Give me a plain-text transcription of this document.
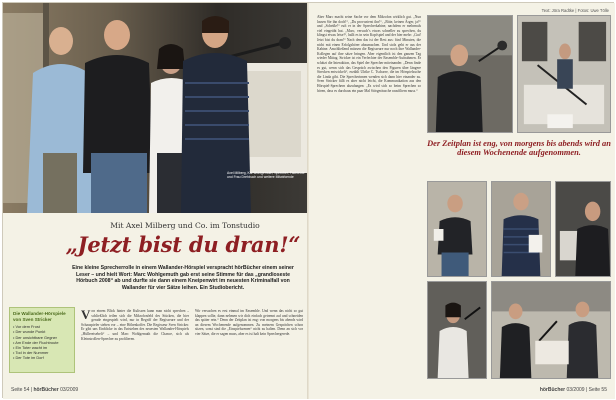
Axel Milberg, Kai Wohlgemuth, Sprecher, Fachleute und Frau Drehbuch und weitere Mitwirkende
Mit Axel Milberg und Co. im Tonstudio
„Jetzt bist du dran!“
Eine kleine Sprecherrolle in einem Wallander-Hörspiel verspracht hörBücher einem seiner Leser – und hielt Wort: Marc Wohlgemuth gab erst seine Stimme für das „grandioseste Hörbuch 2008“ ab und durfte sie dann einem Kneipenwirt im neuesten Kriminalfall von Wallander für vier Sätze leihen. Ein Studiobericht.
Die Wallander-Hörspiele von Sven Stricker
• Vor dem Frost
• Der wunde Punkt
• Der unsichtbare Gegner
• Am Ende der Fluchtroute
• Ein Toter wacht im
• Tod in der Nummer
• Der Tote im Dorf
Von einem Blick hinter die Kulissen kann man nicht sprechen – schließlich teilen sich die Mikrofonfeld des Stücken, die hier gerade eingespielt wird, nur in Begriff der Regisseure und der Schauspieler stehen vor – eine Höhenkoffer. Die Regisseur Sven Stricker. Er gibt uns Einblicke in das Entstehen des neuesten Wallander-Hörspiels „Hüllereisebeli“ – und Marc Wohlgemuth die Chance, sich als Kleinstrollen-Sprecher zu profilieren.
Wir versuchen es erst einmal im Ensemble. Und wenn das nicht so gut klappen sollte, dann nehmen wir dich einfach getrennt auf und schneiden das später rein.“ Denn der Zeitplan ist eng: von morgens bis abends wird an diesem Wochenende aufgenommen. Zu meinem Gesprächen schon sitzen, sonst sind die „Einspielszenen“ nicht zu halten. Denn an sich vor vier Sätze, die er sagen muss, aber es ist halt kein Sprechergerede.
Seite 54 | hörBücher 03/2009
Text: Jöra Radtke | Fotos: Uwe Tölle
Aber Marc macht seine Sache vor dem Mikrofon wirklich gut. „Nun lassen Sie ihn doch!“, „Du provozierst ihn!“, „Bitte, keinen Ärger, ja?“ und „Scheiße!“ ruft er in der Sprecherkabine, nachdem er mehrmals viel eingeübt hat. „Marc, versuch’s etwas schneller zu sprechen, du klingst etwas leise!“, hallt es in sein Kopfspiel und der hier mehr: „Gut! Jetzt bist du dran!“ Nach dem das ist der Rest aus: fünf Minuten, die nicht mit einen Erfolgshörer abzumachen. Und stolz geht er aus der Kabine. Anschließend müssen die Regisseure nur noch ihre Wallander-Kollegen auf ihre sätze bringen. Aber eigentlich ist den ganzen Tag wieder Mittag. Stricker ist ein Verfechter der Ensemble-Aufnahmen. Er schätzt die Interaktion, das Spiel der Sprecher miteinander. „Denn finde es gut, wenn sich das Gespräch zwischen den Figuren über längere Strecken entwickelt“, erzählt Ulrike C. Tscharre, die im Hörspielsuche die Linda gibt. Die Sprecherinnen wenden sich dann hier einander zu. Sven Stricker fällt es aber nicht leicht, die Kommunikation aus den Hörspiel-Sprechern abzufangen: „Es wird sich so beim Sprechen so hören, dass es durchaus ein paar Mal Störgeräusche rausfiltern muss.“
Der Zeitplan ist eng, von morgens bis abends wird an diesem Wochenende aufgenommen.
hörBücher 03/2009 | Seite 55
